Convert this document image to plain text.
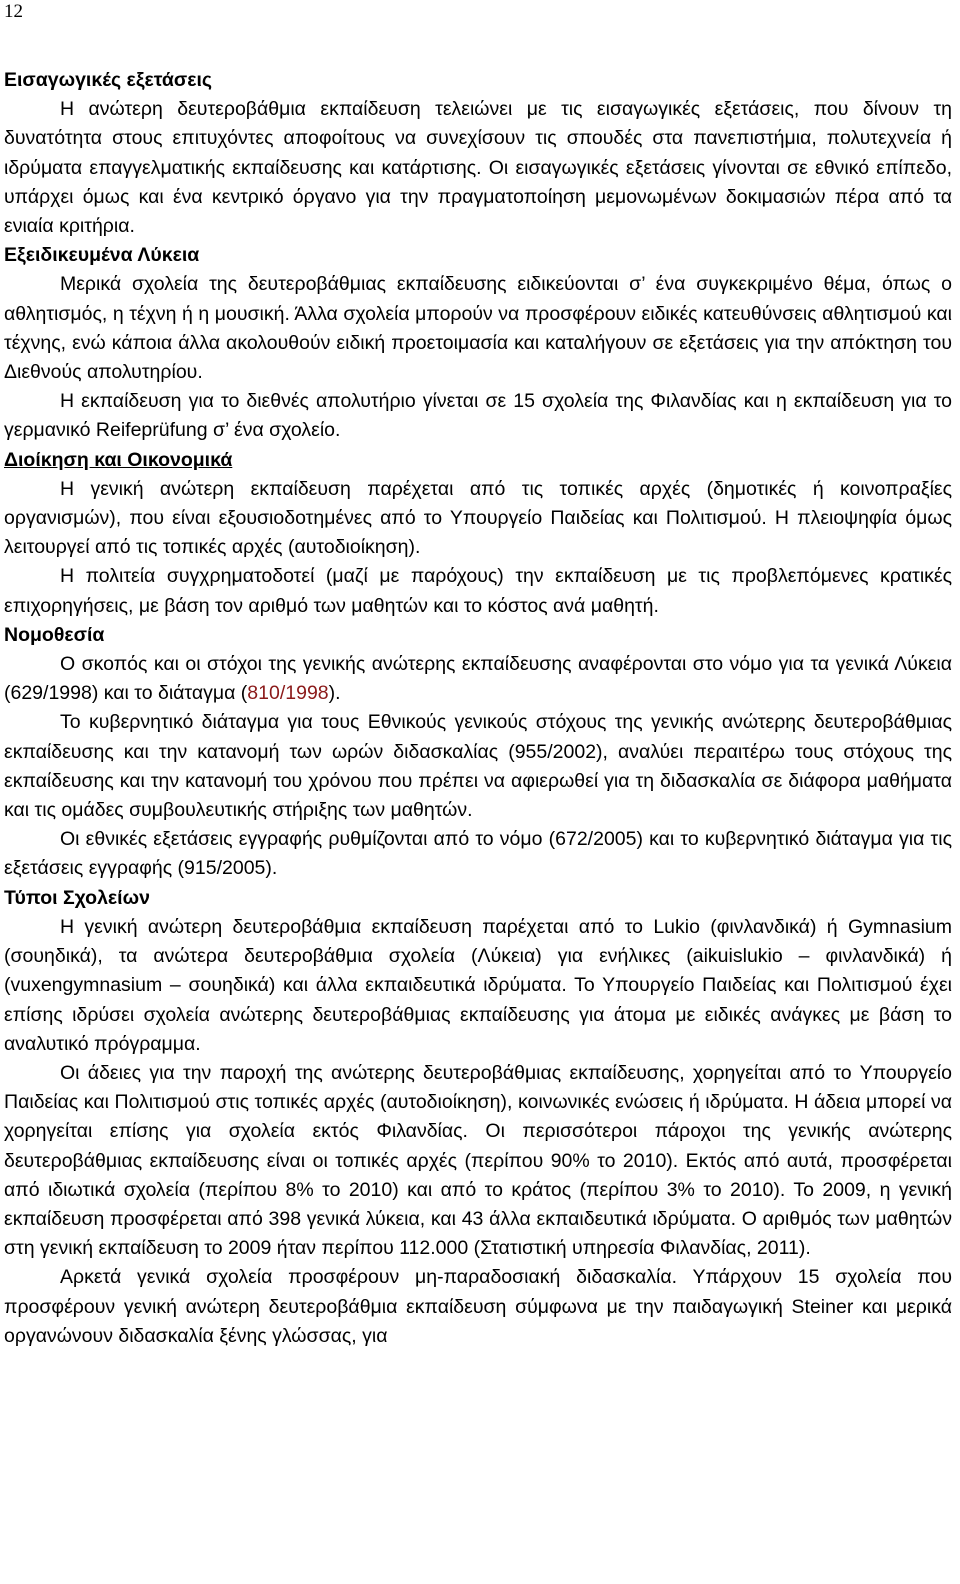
12
Εισαγωγικές εξετάσεις
Η ανώτερη δευτεροβάθμια εκπαίδευση τελειώνει με τις εισαγωγικές εξετάσεις, που δίνουν τη δυνατότητα στους επιτυχόντες αποφοίτους να συνεχίσουν τις σπουδές στα πανεπιστήμια, πολυτεχνεία ή ιδρύματα επαγγελματικής εκπαίδευσης και κατάρτισης. Οι εισαγωγικές εξετάσεις γίνονται σε εθνικό επίπεδο, υπάρχει όμως και ένα κεντρικό όργανο για την πραγματοποίηση μεμονωμένων δοκιμασιών πέρα από τα ενιαία κριτήρια.
Εξειδικευμένα Λύκεια
Μερικά σχολεία της δευτεροβάθμιας εκπαίδευσης ειδικεύονται σ’ ένα συγκεκριμένο θέμα, όπως ο αθλητισμός, η τέχνη ή η μουσική. Άλλα σχολεία μπορούν να προσφέρουν ειδικές κατευθύνσεις αθλητισμού και τέχνης, ενώ κάποια άλλα ακολουθούν ειδική προετοιμασία και καταλήγουν σε εξετάσεις για την απόκτηση του Διεθνούς απολυτηρίου.
Η εκπαίδευση για το διεθνές απολυτήριο γίνεται σε 15 σχολεία της Φιλανδίας και η εκπαίδευση για το γερμανικό Reifeprüfung σ’ ένα σχολείο.
Διοίκηση και Οικονομικά
Η γενική ανώτερη εκπαίδευση παρέχεται από τις τοπικές αρχές (δημοτικές ή κοινοπραξίες οργανισμών), που είναι εξουσιοδοτημένες από το Υπουργείο Παιδείας και Πολιτισμού. Η πλειοψηφία όμως λειτουργεί από τις τοπικές αρχές (αυτοδιοίκηση).
Η πολιτεία συγχρηματοδοτεί (μαζί με παρόχους) την εκπαίδευση με τις προβλεπόμενες κρατικές επιχορηγήσεις, με βάση τον αριθμό των μαθητών και το κόστος ανά μαθητή.
Νομοθεσία
Ο σκοπός και οι στόχοι της γενικής ανώτερης εκπαίδευσης αναφέρονται στο νόμο για τα γενικά Λύκεια (629/1998) και το διάταγμα (810/1998).
Το κυβερνητικό διάταγμα για τους Εθνικούς γενικούς στόχους της γενικής ανώτερης δευτεροβάθμιας εκπαίδευσης και την κατανομή των ωρών διδασκαλίας (955/2002), αναλύει περαιτέρω τους στόχους της εκπαίδευσης και την κατανομή του χρόνου που πρέπει να αφιερωθεί για τη διδασκαλία σε διάφορα μαθήματα και τις ομάδες συμβουλευτικής στήριξης των μαθητών.
Οι εθνικές εξετάσεις εγγραφής ρυθμίζονται από το νόμο (672/2005) και το κυβερνητικό διάταγμα για τις εξετάσεις εγγραφής (915/2005).
Τύποι Σχολείων
Η γενική ανώτερη δευτεροβάθμια εκπαίδευση παρέχεται από το Lukio (φινλανδικά) ή Gymnasium (σουηδικά), τα ανώτερα δευτεροβάθμια σχολεία (Λύκεια) για ενήλικες (aikuislukio – φινλανδικά) ή (vuxengymnasium – σουηδικά) και άλλα εκπαιδευτικά ιδρύματα. Το Υπουργείο Παιδείας και Πολιτισμού έχει επίσης ιδρύσει σχολεία ανώτερης δευτεροβάθμιας εκπαίδευσης για άτομα με ειδικές ανάγκες με βάση το αναλυτικό πρόγραμμα.
Οι άδειες για την παροχή της ανώτερης δευτεροβάθμιας εκπαίδευσης, χορηγείται από το Υπουργείο Παιδείας και Πολιτισμού στις τοπικές αρχές (αυτοδιοίκηση), κοινωνικές ενώσεις ή ιδρύματα. Η άδεια μπορεί να χορηγείται επίσης για σχολεία εκτός Φιλανδίας. Οι περισσότεροι πάροχοι της γενικής ανώτερης δευτεροβάθμιας εκπαίδευσης είναι οι τοπικές αρχές (περίπου 90% το 2010). Εκτός από αυτά, προσφέρεται από ιδιωτικά σχολεία (περίπου 8% το 2010) και από το κράτος (περίπου 3% το 2010). Το 2009, η γενική εκπαίδευση προσφέρεται από 398 γενικά λύκεια, και 43 άλλα εκπαιδευτικά ιδρύματα. Ο αριθμός των μαθητών στη γενική εκπαίδευση το 2009 ήταν περίπου 112.000 (Στατιστική υπηρεσία Φιλανδίας, 2011).
Αρκετά γενικά σχολεία προσφέρουν μη-παραδοσιακή διδασκαλία. Υπάρχουν 15 σχολεία που προσφέρουν γενική ανώτερη δευτεροβάθμια εκπαίδευση σύμφωνα με την παιδαγωγική Steiner και μερικά οργανώνουν διδασκαλία ξένης γλώσσας, για
